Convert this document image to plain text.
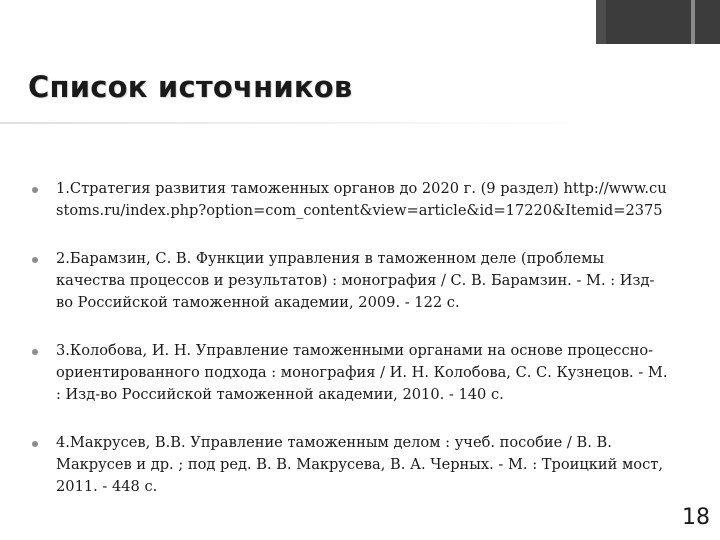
Список источников
1.Стратегия развития таможенных органов до 2020 г. (9 раздел) http://www.customs.ru/index.php?option=com_content&view=article&id=17220&Itemid=2375
2.Барамзин, С. В. Функции управления в таможенном деле (проблемы качества процессов и результатов) : монография / С. В. Барамзин. - М. : Изд-во Российской таможенной академии, 2009. - 122 с.
3.Колобова, И. Н. Управление таможенными органами на основе процессно-ориентированного подхода : монография / И. Н. Колобова, С. С. Кузнецов. - М. : Изд-во Российской таможенной академии, 2010. - 140 с.
4.Макрусев, В.В. Управление таможенным делом : учеб. пособие / В. В. Макрусев и др. ; под ред. В. В. Макрусева, В. А. Черных. - М. : Троицкий мост, 2011. - 448 с.
18
